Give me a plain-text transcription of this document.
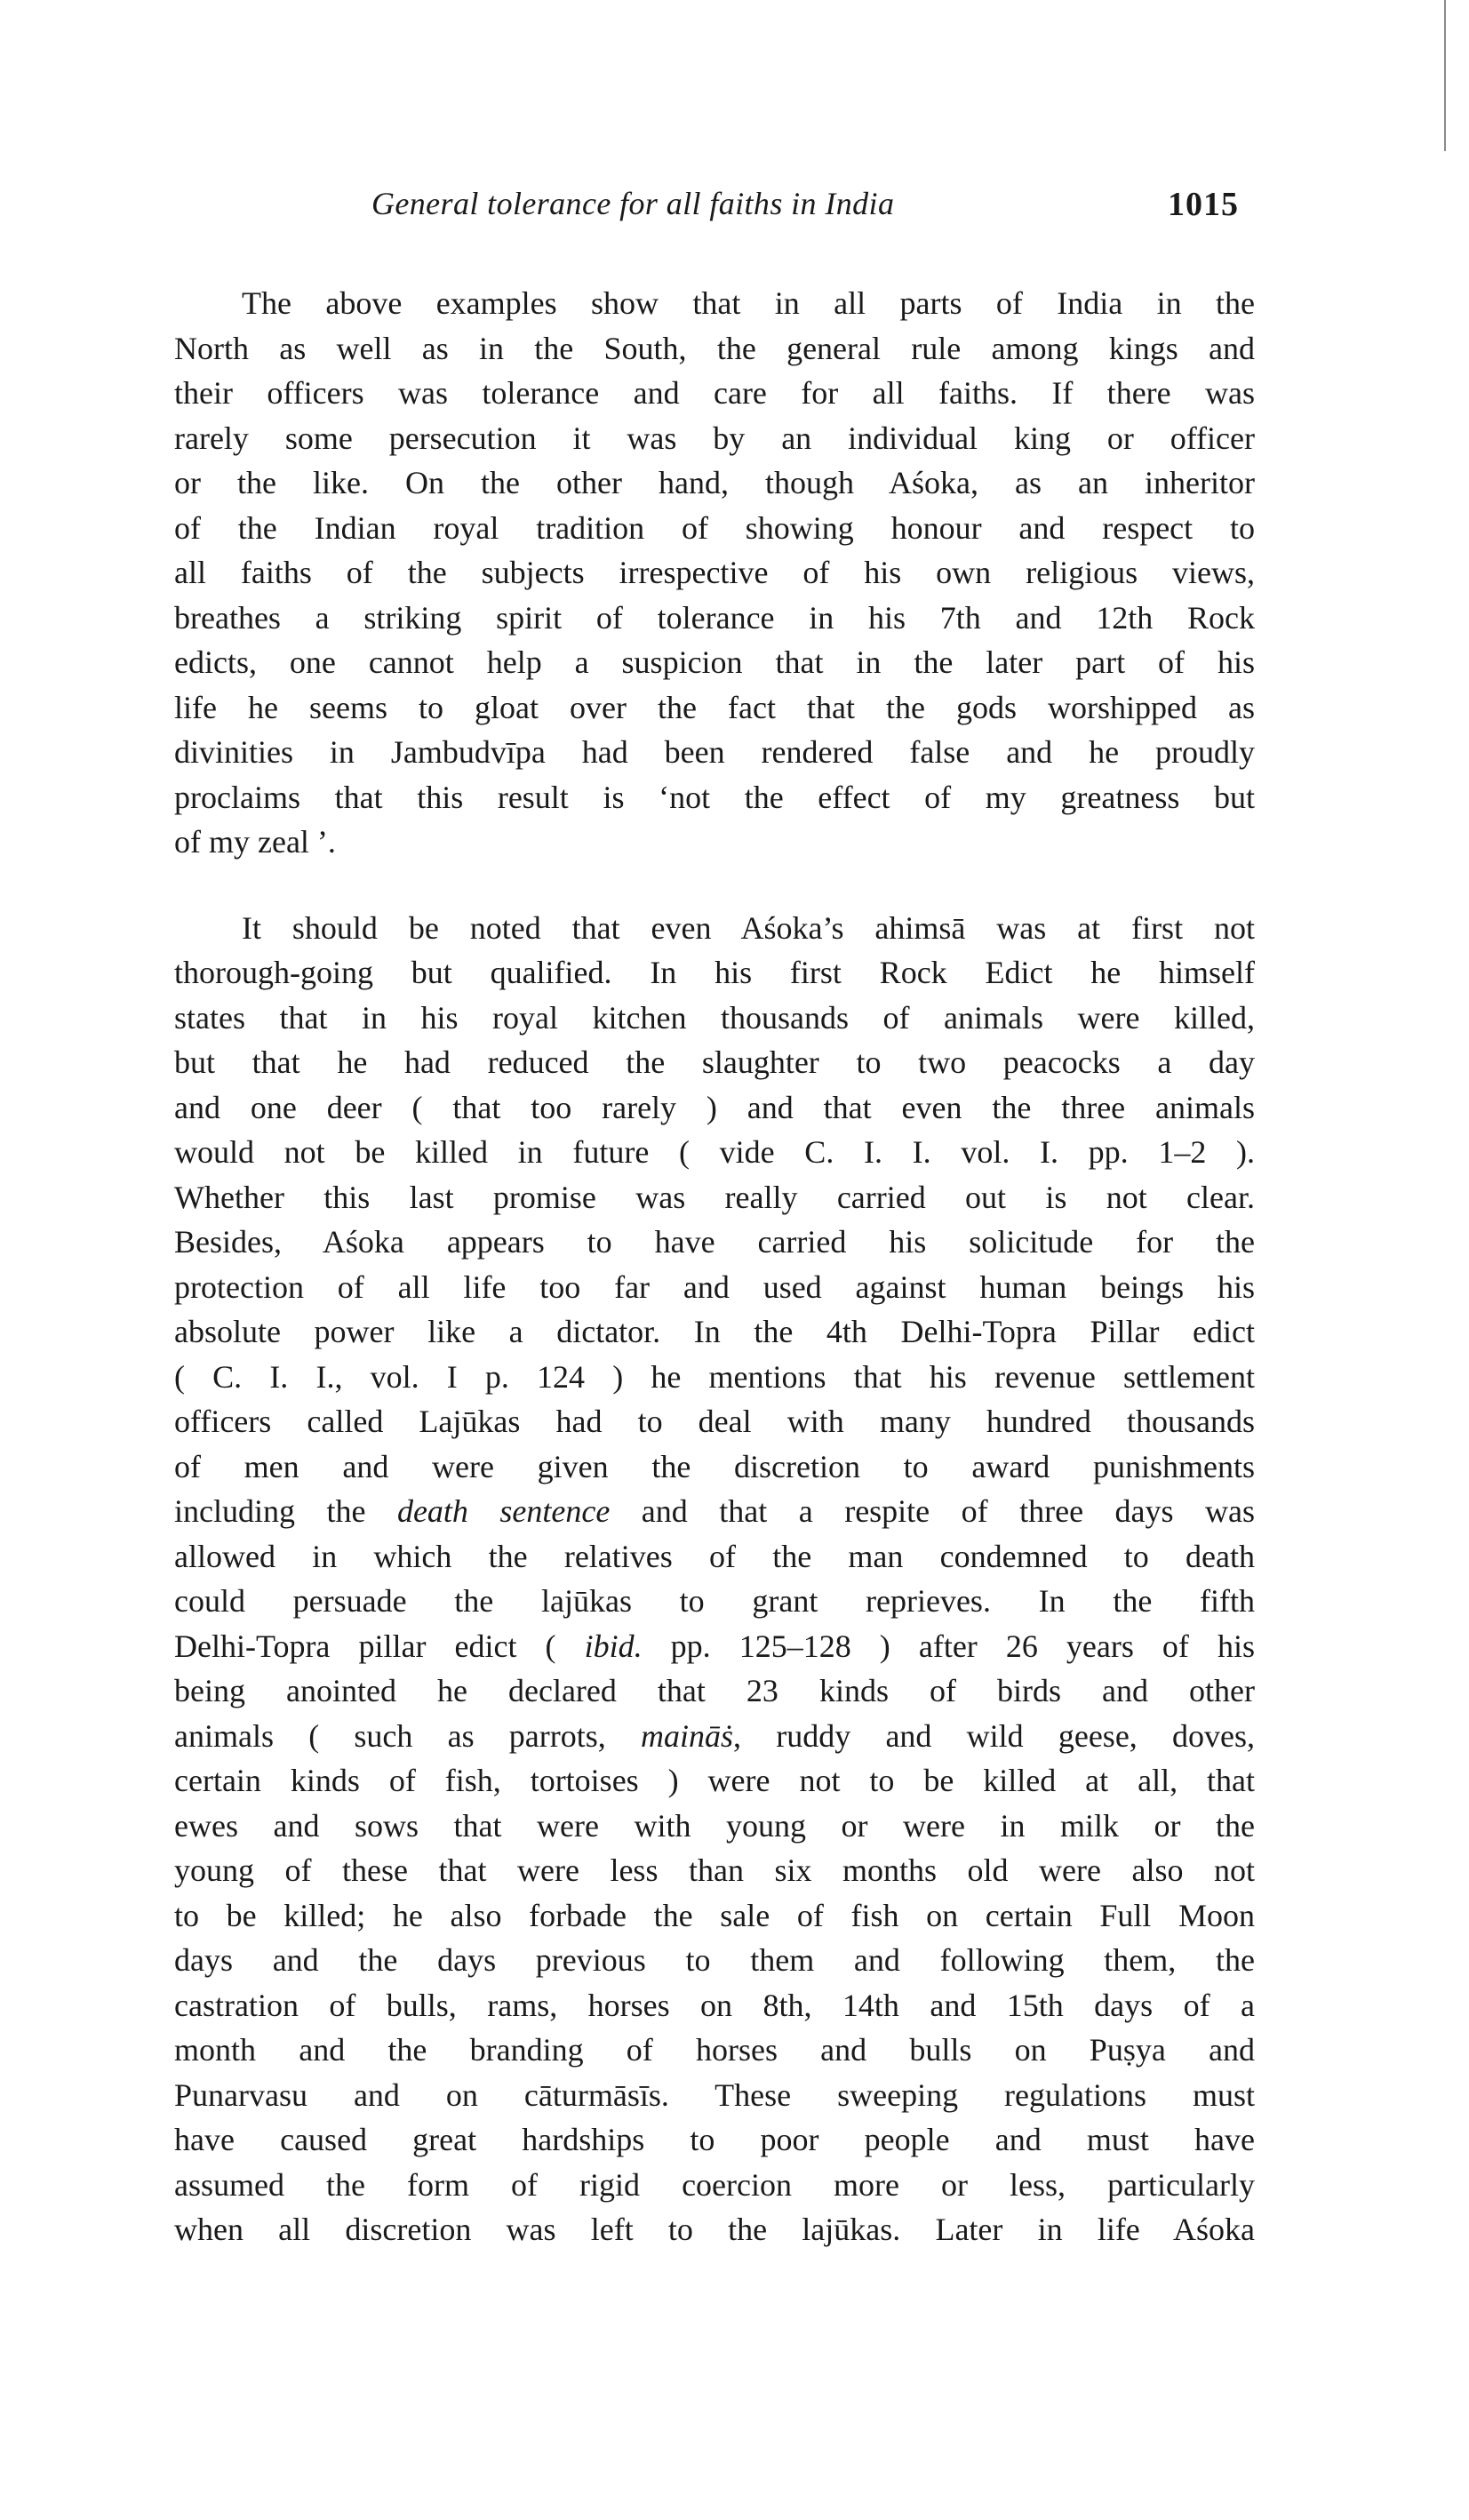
General tolerance for all faiths in India	1015
The above examples show that in all parts of India in the
North as well as in the South, the general rule among kings and
their officers was tolerance and care for all faiths. If there was
rarely some persecution it was by an individual king or officer
or the like. On the other hand, though Aśoka, as an inheritor
of the Indian royal tradition of showing honour and respect to
all faiths of the subjects irrespective of his own religious views,
breathes a striking spirit of tolerance in his 7th and 12th Rock
edicts, one cannot help a suspicion that in the later part of his
life he seems to gloat over the fact that the gods worshipped as
divinities in Jambudvīpa had been rendered false and he proudly
proclaims that this result is ‘not the effect of my greatness but
of my zeal ’.
It should be noted that even Aśoka’s ahimsā was at first not
thorough-going but qualified. In his first Rock Edict he himself
states that in his royal kitchen thousands of animals were killed,
but that he had reduced the slaughter to two peacocks a day
and one deer ( that too rarely ) and that even the three animals
would not be killed in future ( vide C. I. I. vol. I. pp. 1–2 ).
Whether this last promise was really carried out is not clear.
Besides, Aśoka appears to have carried his solicitude for the
protection of all life too far and used against human beings his
absolute power like a dictator. In the 4th Delhi-Topra Pillar edict
( C. I. I., vol. I p. 124 ) he mentions that his revenue settlement
officers called Lajūkas had to deal with many hundred thousands
of men and were given the discretion to award punishments
including the death sentence and that a respite of three days was
allowed in which the relatives of the man condemned to death
could persuade the lajūkas to grant reprieves. In the fifth
Delhi-Topra pillar edict ( ibid. pp. 125–128 ) after 26 years of his
being anointed he declared that 23 kinds of birds and other
animals ( such as parrots, maināṡ, ruddy and wild geese, doves,
certain kinds of fish, tortoises ) were not to be killed at all, that
ewes and sows that were with young or were in milk or the
young of these that were less than six months old were also not
to be killed; he also forbade the sale of fish on certain Full Moon
days and the days previous to them and following them, the
castration of bulls, rams, horses on 8th, 14th and 15th days of a
month and the branding of horses and bulls on Puṣya and
Punarvasu and on cāturmāsīs. These sweeping regulations must
have caused great hardships to poor people and must have
assumed the form of rigid coercion more or less, particularly
when all discretion was left to the lajūkas. Later in life Aśoka
